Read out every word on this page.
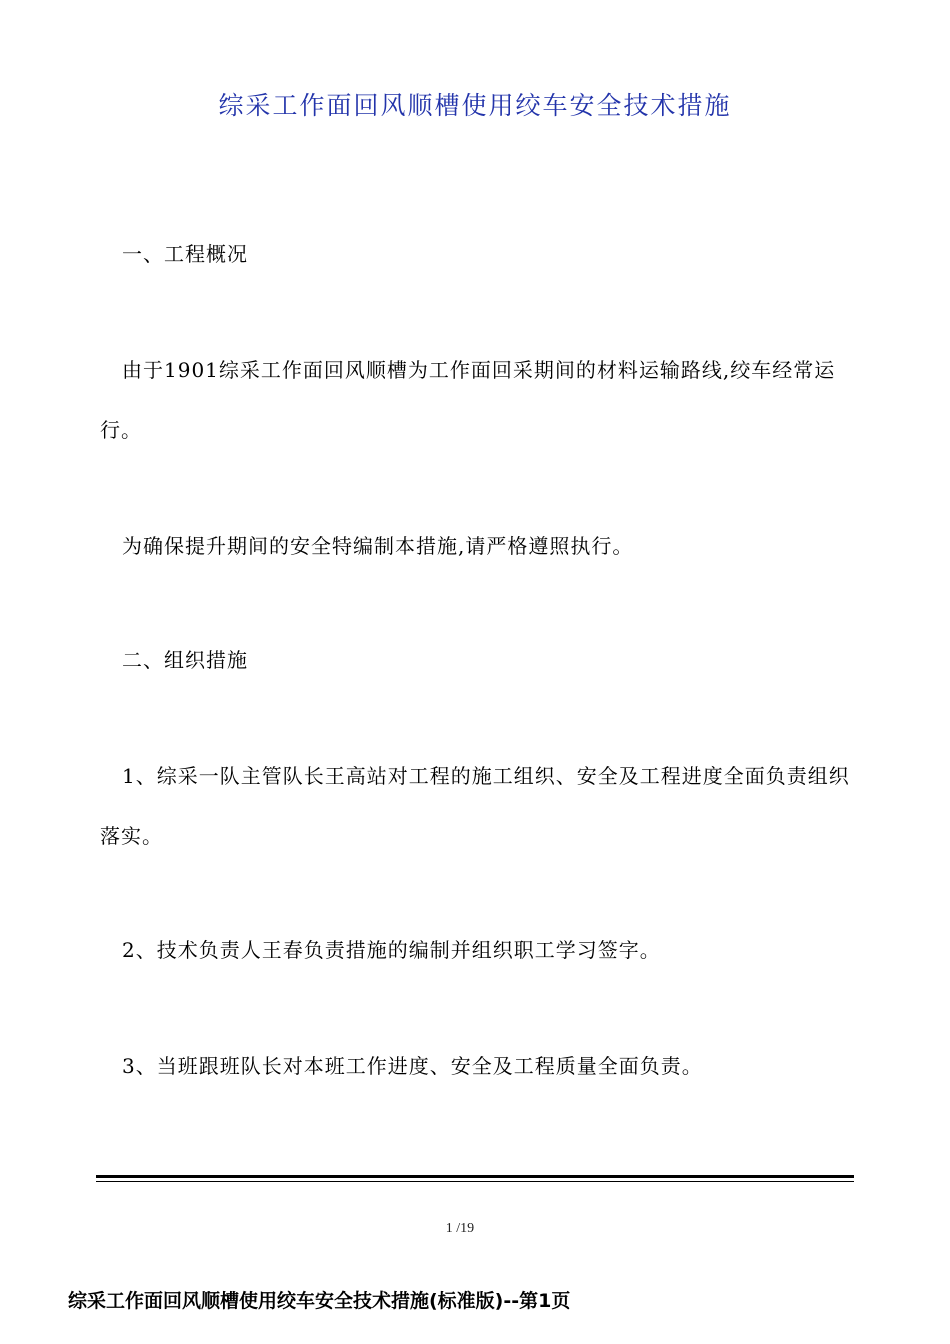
综采工作面回风顺槽使用绞车安全技术措施
一、工程概况
由于1901综采工作面回风顺槽为工作面回采期间的材料运输路线,绞车经常运行。
为确保提升期间的安全特编制本措施,请严格遵照执行。
二、组织措施
1、综采一队主管队长王高站对工程的施工组织、安全及工程进度全面负责组织落实。
2、技术负责人王春负责措施的编制并组织职工学习签字。
3、当班跟班队长对本班工作进度、安全及工程质量全面负责。
1 /19
综采工作面回风顺槽使用绞车安全技术措施(标准版)--第1页
